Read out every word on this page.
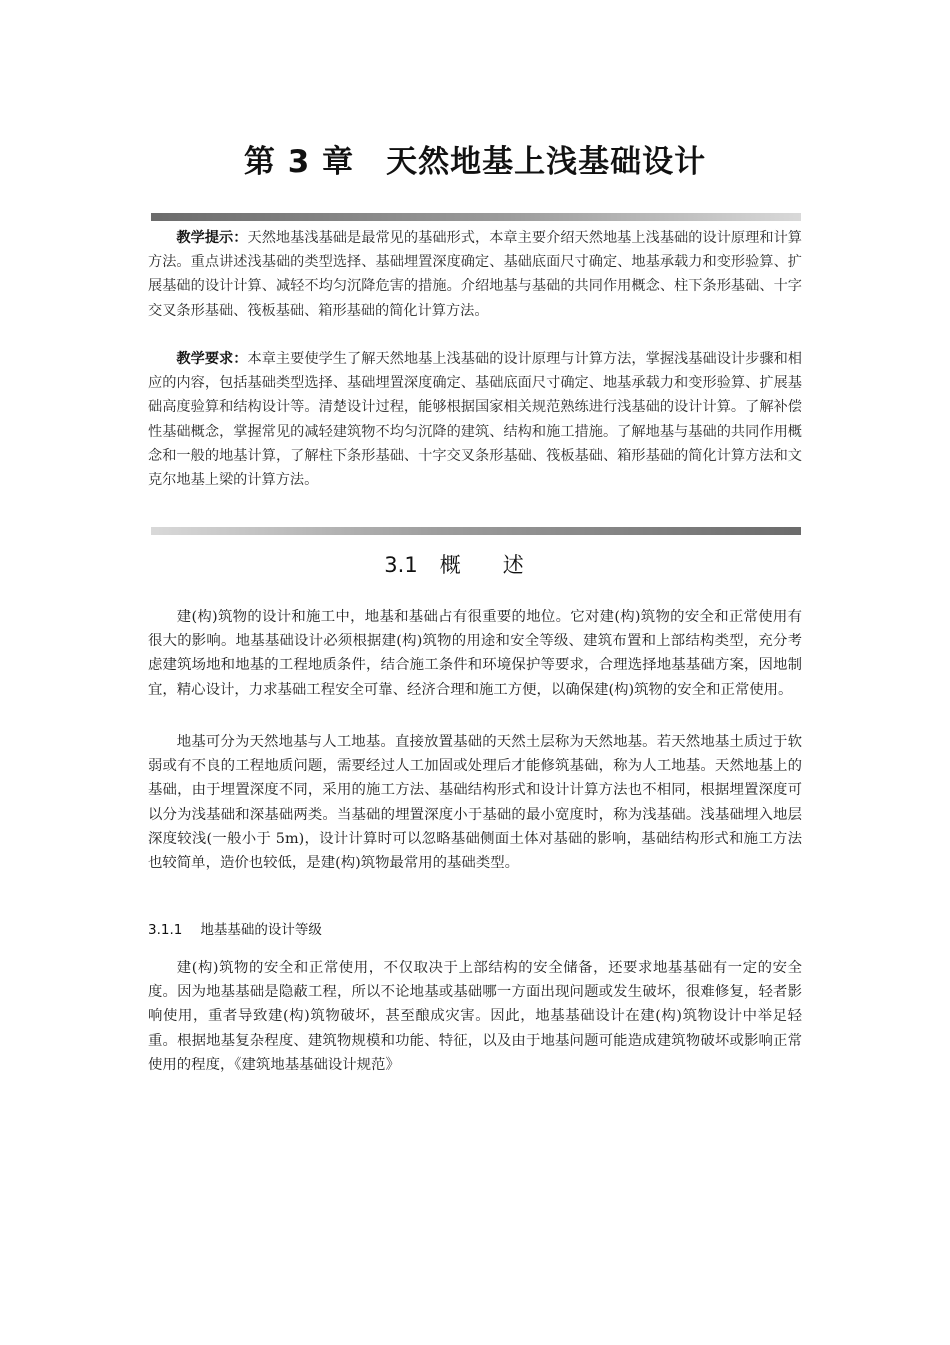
第 3 章　天然地基上浅基础设计

教学提示：天然地基浅基础是最常见的基础形式，本章主要介绍天然地基上浅基础的设计原理和计算方法。重点讲述浅基础的类型选择、基础埋置深度确定、基础底面尺寸确定、地基承载力和变形验算、扩展基础的设计计算、减轻不均匀沉降危害的措施。介绍地基与基础的共同作用概念、柱下条形基础、十字交叉条形基础、筏板基础、箱形基础的简化计算方法。

教学要求：本章主要使学生了解天然地基上浅基础的设计原理与计算方法，掌握浅基础设计步骤和相应的内容，包括基础类型选择、基础埋置深度确定、基础底面尺寸确定、地基承载力和变形验算、扩展基础高度验算和结构设计等。清楚设计过程，能够根据国家相关规范熟练进行浅基础的设计计算。了解补偿性基础概念，掌握常见的减轻建筑物不均匀沉降的建筑、结构和施工措施。了解地基与基础的共同作用概念和一般的地基计算，了解柱下条形基础、十字交叉条形基础、筏板基础、箱形基础的简化计算方法和文克尔地基上梁的计算方法。

3.1 概述

建(构)筑物的设计和施工中，地基和基础占有很重要的地位。它对建(构)筑物的安全和正常使用有很大的影响。地基基础设计必须根据建(构)筑物的用途和安全等级、建筑布置和上部结构类型，充分考虑建筑场地和地基的工程地质条件，结合施工条件和环境保护等要求，合理选择地基基础方案，因地制宜，精心设计，力求基础工程安全可靠、经济合理和施工方便，以确保建(构)筑物的安全和正常使用。

地基可分为天然地基与人工地基。直接放置基础的天然土层称为天然地基。若天然地基土质过于软弱或有不良的工程地质问题，需要经过人工加固或处理后才能修筑基础，称为人工地基。天然地基上的基础，由于埋置深度不同，采用的施工方法、基础结构形式和设计计算方法也不相同，根据埋置深度可以分为浅基础和深基础两类。当基础的埋置深度小于基础的最小宽度时，称为浅基础。浅基础埋入地层深度较浅(一般小于 5m)，设计计算时可以忽略基础侧面土体对基础的影响，基础结构形式和施工方法也较简单，造价也较低，是建(构)筑物最常用的基础类型。

3.1.1 地基基础的设计等级

建(构)筑物的安全和正常使用，不仅取决于上部结构的安全储备，还要求地基基础有一定的安全度。因为地基基础是隐蔽工程，所以不论地基或基础哪一方面出现问题或发生破坏，很难修复，轻者影响使用，重者导致建(构)筑物破坏，甚至酿成灾害。因此，地基基础设计在建(构)筑物设计中举足轻重。根据地基复杂程度、建筑物规模和功能、特征，以及由于地基问题可能造成建筑物破坏或影响正常使用的程度，《建筑地基基础设计规范》
